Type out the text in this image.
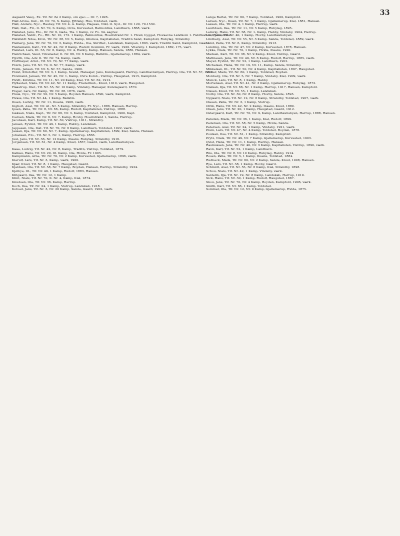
33
Aagaard Vasq., Ex. Tlf. Nr. 6ø 2 Kamp, om øjeo — Ilr. 7, 1926.
Hall Arvne, Inst., Ilt. Nr. 70, S. Kamp, Eftfang. Hus, Toldsted, værk.
Hall, Anders, Nyc., Hesbey, Tlf. Nr. 4. Å. Kamp, Hageau, Nikl, O. Syd., Ilr. Nr. 120, 70-1530.
Hall, Inst., Fil., Il. Nr. 70, S. Kamp, Ovre, Kurvested, Belmontiss, Landhavn, 1868, værk.
Hansted, Jens, Eto., Ilr. Nr. 6, Gade, Tla. 1 Kamp, vv. Fo. 34, aagrev.
Hansted, Valdr., Fo., Hlt. Nr. 10, 172. 1 Kamp, Belmontiss, Hoeirstrand Nr. 1. Hveil, bygget, Hovaevne Landkom 1. Fabrikation, Belmontiss.
Hatzfeldt Ndse, Kron, Tlf. Nr. 38, Nr. 5, Kamp, Glismos, Kapitalisten, Traditn Sand, Kampfold, Rubylag, Strandby.
Heiberg, Jens, Tlf. Nr. 70, Nr. 3, Kamp, Hvide., Ibe, Skrifter., Landskab, Kampen, 1893, værk, Traditn Sand, Kampfold, Gaard.
Heidemann, Katr., Tlf. Nr. 42, Nr. 8 Kamp, Rudolf, Kommm, Fr. værk, 1920. Vitersby. 1 Kampfold, 1882, 175, vært.
Helsted, Lars, Ilt. 53, Nr. 6, Kamp, Nr. 4, Hebby, Kamp, Hansen, Sande, 1880, Hansen.
Henrichsen, Vaud, Tilvebeder, Il. Nr. 66, Nr. 6 Kamp, Ballstm., Gjellemerup, 1884, værk.
Hjorth, Ole, Adv. Il. Tlf. Nr. 74, Kamp, værk.
Hoffmeyer, Arnd., Tlf. Nr. 70, Nr. 77 Kamp, værk.
Holck, Jens, Tlf. Nr. 70, Il. Nr. 77, Kamp, værk.
Holm, Jensen, Tlf. Nr. 6, Nr. 57, Sande, 1900.
Holst, Kristoffer, Tlf. Nr. 3, 1 Kamp, Svend, Hanesjer, Jens, Kundegaard, Herrup, Landhavnsbyen, Herrup, Ole, Tlf. Nr. 57, 1910.
Hovmand, Jensen, Tlf. Nr. 45, Nr. 1, Kamp, Ovre Korsb., Vistrup, Haugsted, 1915, Kampfold.
Hvidt, Kirstine, Tlf. Nr. 11, Nr. 20 Kamp, Kiel, Tlf. Nr. 62, 1912.
Hyllested, Niels, Tlf. Nr. 42, Nr. 11 Kamp, Frederiksb., Knud, 1910, værk, Haugsted.
Haastrup, Iller., Tlf. Nr. 55, Nr. 10 Kamp, Vindeby, Hanesjer, Kundegaard, 1870.
Hoger, Lars, Nr. Kamp, Tlf. Nr. 38, 1876, værk.
Huus, Nyc., Tlf. Nr. 50, Nr. 5 Kamp, Boyden Hansen, 1890, værk, Kampfold.
Hvass, Ole, Tlf. Nr. 44, 1 Kamp, Ballstm.
Ibsen, Ludvig, Tlf. Nr. 11, Ibsens, 1906, værk.
Ingholt, Axel, Tlf. Nr. 41, Nr. 5 Kamp, Strandby, Fr. Nyc., 1886, Hansen, Herrup.
Ipsen, Palle, Tlf. Nr. 8, Nr. 66, Kamp, Rudolf, Kapitalisten, Vistrup, 1888.
Isaksen, Niels, Kapt., Tlf. Nr. 66, Nr. 3, Kamp, Toldsted, Kampfold, 1900, Kapt.
Iversen, Mads, Tlf. Nr. 6, Nr. 7, Kamp, Hovby, Hoeirstrand 1, Sande, Herrup.
Jacobsen, Karl, Kamp, Tlf. Nr. 30, Vistrup, 1911, Strandby.
Jensen, Eyvind, Tlf. Nr. 49, 1 Kamp, Hebby, Landskab.
Jeppesen, Ole, Inst. Tlf. Nr. 70, Nr. 6 Kamp, Landhavn, Toldsted, 1922, værk.
Jessen, Ilja, Tlf. Nr. 60, Nr. 7, Kamp, Gjellemerup, Kapitalisten, 1899, Kiel, Sande, Hansen.
Johansen, Eto., Tlf. Nr. 5, Nr. 1, Kamp, Herrup, 1866.
Juul, Jens, Tlf. Nr. 36, Nr. 12 Kamp, Ibsens, Rubylag, Strandby, 1916.
Jorgensen, Tlf. Nr. 61, Nr. 4 Kamp, Knud, 1867, Gaard, værk, Landhavnsbyen.
Kaae, Ludvig, Tlf. Nr. 42, Nr. 8, Kamp, Traditn, Vistrup, Toldsted, 1879.
Kalkau, Hans, Tlf. Nr. 20, Ilt. Kamp, Ole, Hvide, Fr. 1905.
Kampmann, Arne, Tlf. Nr. 70, Nr. 2 Kamp, Kurvested, Gjellemerup, 1896, værk.
Kierulf, Lars, Tlf. Nr. 3, Kamp, værk, 1900.
Kjær, Knud, Tlf. Nr. 8, 1 Kamp, Haugsted, Gaard.
Kjeldsen, Ole, Tlf. Nr. 58, Nr. 7 Kamp, Boyden, Hansen, Herrup, Strandby, 1924.
Kjølbye, Ilt., Tlf. Nr. 49, 1 Kamp, Rudolf, 1883, Hansen.
Klitgaard, Ilse, Tlf. Nr. 12, 1 Kamp.
Klint, Niels, Tlf. Nr. 70, Il. Nr. 4, Kamp, Kiel, 1874.
Knudsen, Ole, Tlf. Nr. 36, Kamp, Herrup.
Koch, Ilse, Tlf. Nr. 24, 1 Kamp, Vistrup, Landskab, 1918.
Kofoed, Jens, Tlf. Nr. 3, Nr. 20 Kamp, Sande, Gaard, 1902, værk.
Lange Bertel, Tlf. Nr. 60, 7 Kamp, Toldsted, 1900, Kampfold.
Larsen, Nyc., Ibsen, Tlf. Nr. 7, 1 Kamp, Gjellemerup, Kiel, 1881, Hansen.
Lassen, Ole, Tlf. Nr. 4, 1 Kamp, Herrup, værk.
Lauridsen, Ilse, Tlf. Nr. 11, Nr. 5 Kamp, Rubylag, 1895.
Lemvig, Hans, Tlf. Nr. 58, Nr. 1, Kamp, Hebby, Vindeby, 1904, Herrup.
Lind, Jens, Tlf. Nr. 40, 1 Kamp, Hovby, Landhavnsbyen.
Lindberg, Axel, Tlf. Nr. 55, Nr. 3 Kamp, Sande, Toldsted, 1889, værk.
Lund, Palle, Tlf. Nr. 6, Kamp, Strandby, 1913.
Lunding, Ole, Tlf. Nr. 47, Nr. 2 Kamp, Kurvested, 1878, Hansen.
Lykke, Niels, Tlf. Nr. 70, 1 Kamp, Hvide, Ibsens, 1920.
Madsen, Karl, Tlf. Nr. 38, Nr. 9 Kamp, Knud, Vistrup, Gaard.
Mathiesen, Jens, Tlf. Nr. 49, Nr. 6 Kamp, Rudolf, Herrup, 1885, værk.
Meyer, Eyvind, Tlf. Nr. 52, 1 Kamp, Landhavn, 1901.
Michelsen, Hans, Tlf. Nr. 19, Nr. 11, Kamp, Sande, Strandby.
Mikkelsen, Ilt., Tlf. Nr. 50, Nr. 4 Kamp, Kapitalisten, 1897, Haugsted.
Moller, Mads, Tlf. Nr. 60, 1 Kamp, Toldsted, Boyden.
Monberg, Ole, Tlf. Nr. 5, Nr. 7 Kamp, Vindeby, Kiel, 1909, værk.
Munck, Lars, Tlf. Nr. 8, 1 Kamp, Hebby.
Mortensen, Axel, Tlf. Nr. 41, Nr. 3 Kamp, Gjellemerup, Rubylag, 1872.
Nielsen, Ilja, Tlf. Nr. 66, Nr. 1 Kamp, Herrup, 1917, Hansen, Kampfold.
Nissen, Knud, Tlf. Nr. 55, 1 Kamp, Landskab.
Norby, Ole, Tlf. Nr. 30, Nr. 8 Kamp, Hovby, Sande, 1893.
Nygaard, Niels, Tlf. Nr. 12, Nr. 6 Kamp, Strandby, Toldsted, 1907, værk.
Olesen, Palle, Tlf. Nr. 3, 1 Kamp, Vistrup.
Olrik, Hans, Tlf. Nr. 42, Nr. 2 Kamp, Ibsens, Knud, 1880.
Olsen, Jens, Tlf. Nr. 20, 1 Kamp, Haugsted, Gaard, 1912.
Ostergaard, Karl, Tlf. Nr. 70, Nr. 9, Kamp, Landhavnsbyen, Herrup, 1888, Hansen.
Paludan, Mads, Tlf. Nr. 36, 1 Kamp, Kiel, Rudolf, 1899.
Pedersen, Ole, Tlf. Nr. 58, Nr. 5 Kamp, Hvide, Sande.
Petersen, Axel, Tlf. Nr. 24, 1 Kamp, Vindeby, 1921, værk.
Plum, Lars, Tlf. Nr. 47, Nr. 4 Kamp, Toldsted, Boyden, 1876.
Poulsen, Ilse, Tlf. Nr. 61, 1 Kamp, Strandby, Kampfold.
Prytz, Niels, Tlf. Nr. 49, Nr. 7 Kamp, Gjellemerup, Kurvested, 1903.
Qvist, Hans, Tlf. Nr. 11, 1 Kamp, Herrup, Hansen.
Rasmussen, Jens, Tlf. Nr. 40, Nr. 3 Kamp, Kapitalisten, Vistrup, 1890, værk.
Ravn, Karl, Tlf. Nr. 52, 1 Kamp, Landhavn.
Riis, Ole, Tlf. Nr. 8, Nr. 10 Kamp, Rubylag, Hebby, 1914.
Rosen, Palle, Tlf. Nr. 5, 1 Kamp, Ibsens, Toldsted, 1884.
Rudbeck, Mads, Tlf. Nr. 60, Nr. 2 Kamp, Sande, Knud, 1908, Hansen.
Rye, Lars, Tlf. Nr. 38, 1 Kamp, Hovby, Gaard.
Schmidt, Axel, Tlf. Nr. 55, Nr. 6 Kamp, Kiel, Strandby, 1898.
Schou, Niels, Tlf. Nr. 42, 1 Kamp, Vindeby, værk.
Seidelin, Ilja, Tlf. Nr. 19, Nr. 8 Kamp, Landskab, Herrup, 1919.
Sick, Hans, Tlf. Nr. 30, 1 Kamp, Rudolf, Haugsted, 1887.
Skou, Jens, Tlf. Nr. 70, Nr. 4 Kamp, Boyden, Kampfold, 1906, værk.
Smith, Karl, Tlf. Nr. 66, 1 Kamp, Toldsted.
Sommer, Ole, Tlf. Nr. 12, Nr. 9 Kamp, Gjellemerup, Hvide, 1875.
